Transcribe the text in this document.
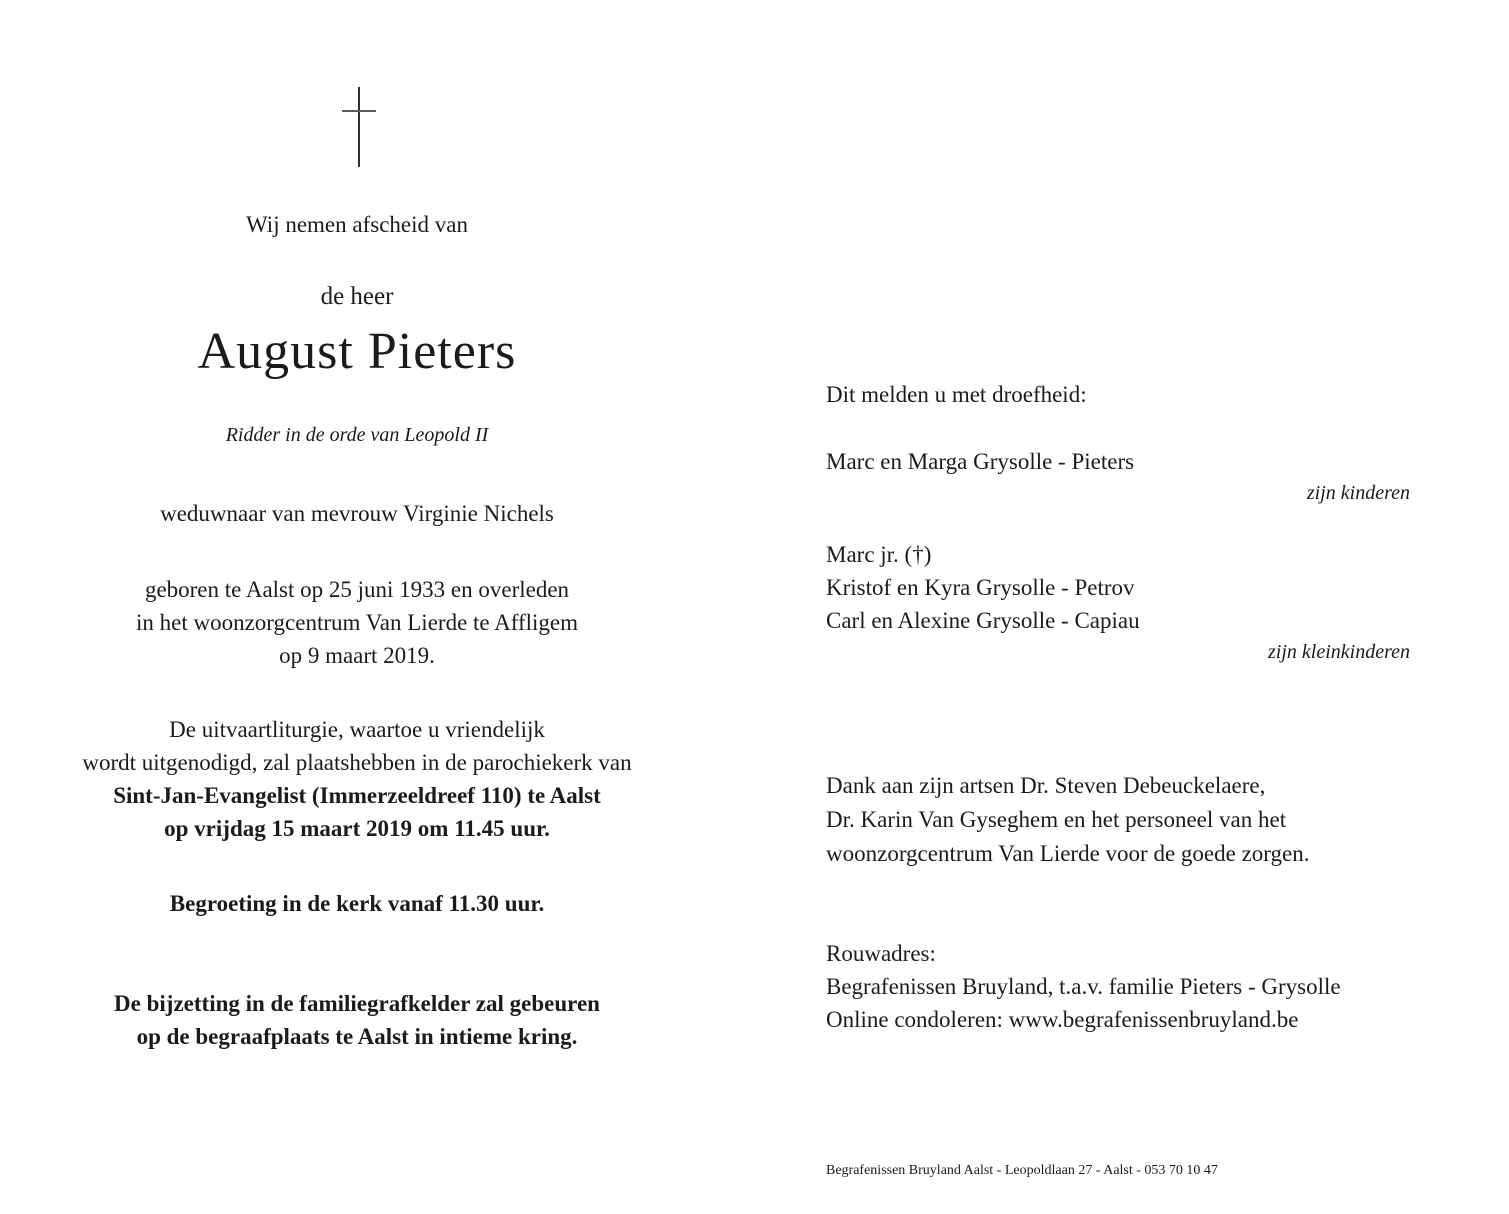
Wij nemen afscheid van
de heer
August Pieters
Ridder in de orde van Leopold II
weduwnaar van mevrouw Virginie Nichels
geboren te Aalst op 25 juni 1933 en overleden
in het woonzorgcentrum Van Lierde te Affligem
op 9 maart 2019.
De uitvaartliturgie, waartoe u vriendelijk
wordt uitgenodigd, zal plaatshebben in de parochiekerk van
Sint-Jan-Evangelist (Immerzeeldreef 110) te Aalst
op vrijdag 15 maart 2019 om 11.45 uur.
Begroeting in de kerk vanaf 11.30 uur.
De bijzetting in de familiegrafkelder zal gebeuren
op de begraafplaats te Aalst in intieme kring.
Dit melden u met droefheid:
Marc en Marga Grysolle - Pieters
zijn kinderen
Marc jr. (†)
Kristof en Kyra Grysolle - Petrov
Carl en Alexine Grysolle - Capiau
zijn kleinkinderen
Dank aan zijn artsen Dr. Steven Debeuckelaere,
Dr. Karin Van Gyseghem en het personeel van het
woonzorgcentrum Van Lierde voor de goede zorgen.
Rouwadres:
Begrafenissen Bruyland, t.a.v. familie Pieters - Grysolle
Online condoleren: www.begrafenissenbruyland.be
Begrafenissen Bruyland Aalst - Leopoldlaan 27 - Aalst - 053 70 10 47
